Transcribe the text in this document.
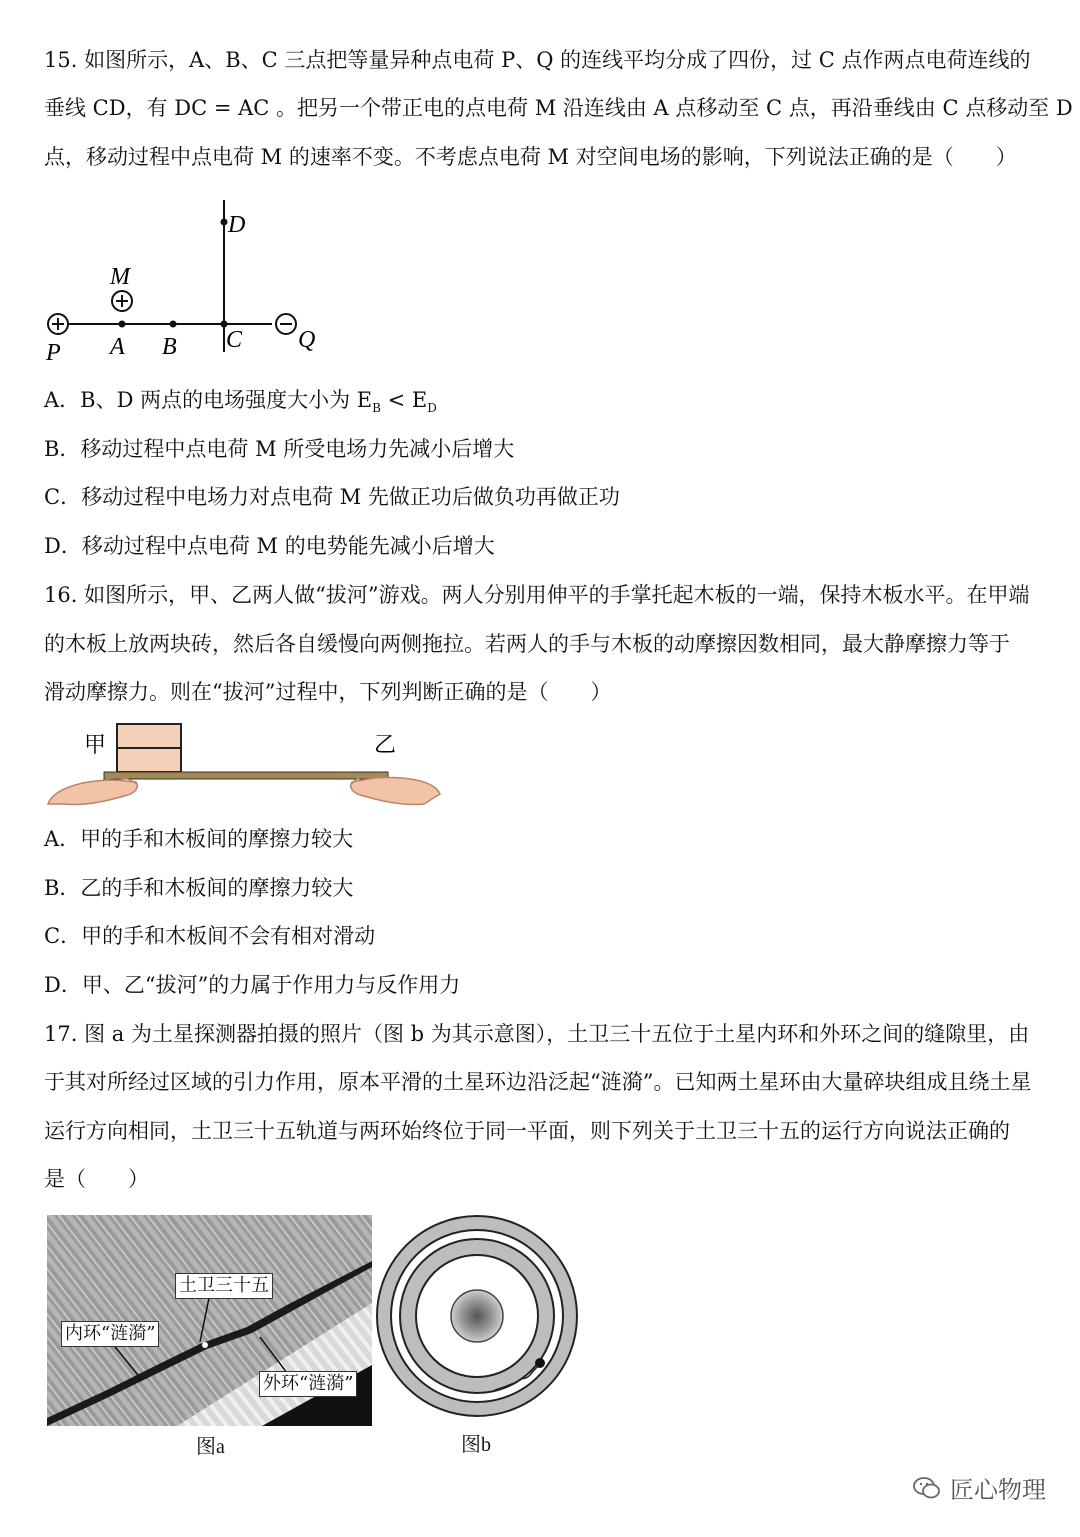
15. 如图所示，A、B、C 三点把等量异种点电荷 P、Q 的连线平均分成了四份，过 C 点作两点电荷连线的
垂线 CD，有 DC = AC 。把另一个带正电的点电荷 M 沿连线由 A 点移动至 C 点，再沿垂线由 C 点移动至 D
点，移动过程中点电荷 M 的速率不变。不考虑点电荷 M 对空间电场的影响，下列说法正确的是（　　）
P A B C Q
D
M
A．B、D 两点的电场强度大小为 $E_B < E_D$
B．移动过程中点电荷 M 所受电场力先减小后增大
C．移动过程中电场力对点电荷 M 先做正功后做负功再做正功
D．移动过程中点电荷 M 的电势能先减小后增大
16. 如图所示，甲、乙两人做“拔河”游戏。两人分别用伸平的手掌托起木板的一端，保持木板水平。在甲端
的木板上放两块砖，然后各自缓慢向两侧拖拉。若两人的手与木板的动摩擦因数相同，最大静摩擦力等于
滑动摩擦力。则在“拔河”过程中，下列判断正确的是（　　）
甲	乙
A．甲的手和木板间的摩擦力较大
B．乙的手和木板间的摩擦力较大
C．甲的手和木板间不会有相对滑动
D．甲、乙“拔河”的力属于作用力与反作用力
17. 图 a 为土星探测器拍摄的照片（图 b 为其示意图），土卫三十五位于土星内环和外环之间的缝隙里，由
于其对所经过区域的引力作用，原本平滑的土星环边沿泛起“涟漪”。已知两土星环由大量碎块组成且绕土星
运行方向相同，土卫三十五轨道与两环始终位于同一平面，则下列关于土卫三十五的运行方向说法正确的
是（　　）
土卫三十五
内环“涟漪”
外环“涟漪”
图a	图b
匠心物理
